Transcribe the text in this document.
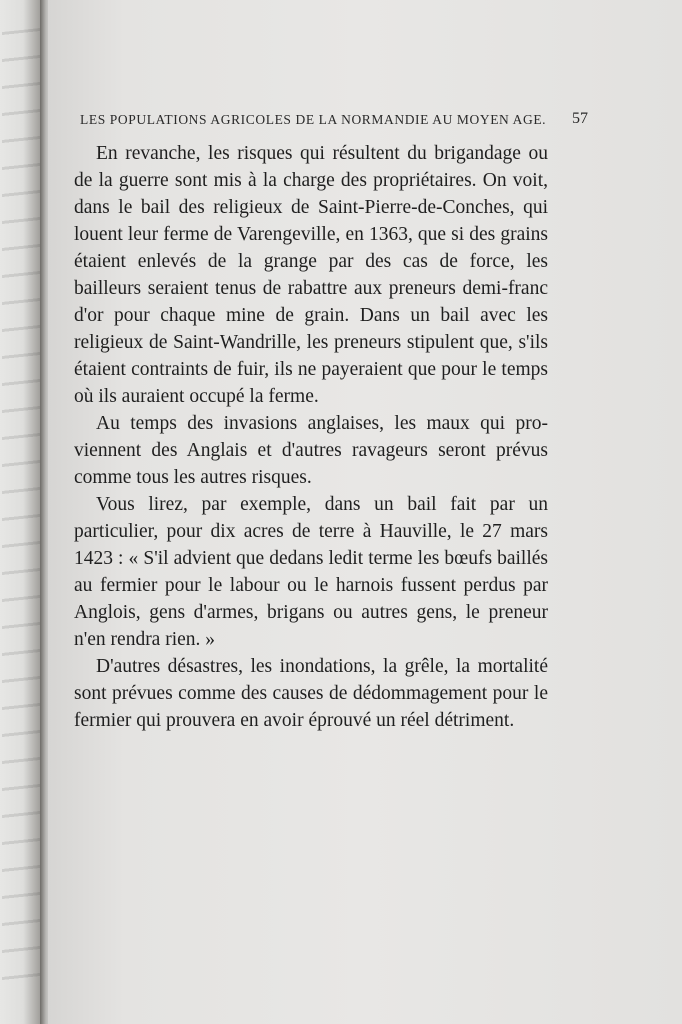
LES POPULATIONS AGRICOLES DE LA NORMANDIE AU MOYEN AGE. 57

En revanche, les risques qui résultent du brigandage ou de la guerre sont mis à la charge des propriétaires. On voit, dans le bail des religieux de Saint-Pierre-de-Conches, qui louent leur ferme de Varengeville, en 1363, que si des grains étaient enlevés de la grange par des cas de force, les bailleurs seraient tenus de rabattre aux preneurs demi-franc d'or pour chaque mine de grain. Dans un bail avec les religieux de Saint-Wandrille, les preneurs stipulent que, s'ils étaient contraints de fuir, ils ne payeraient que pour le temps où ils auraient occupé la ferme.

Au temps des invasions anglaises, les maux qui proviennent des Anglais et d'autres ravageurs seront prévus comme tous les autres risques.

Vous lirez, par exemple, dans un bail fait par un particulier, pour dix acres de terre à Hauville, le 27 mars 1423 : « S'il advient que dedans ledit terme les bœufs baillés au fermier pour le labour ou le harnois fussent perdus par Anglois, gens d'armes, brigans ou autres gens, le preneur n'en rendra rien. »

D'autres désastres, les inondations, la grêle, la mortalité sont prévues comme des causes de dédommagement pour le fermier qui prouvera en avoir éprouvé un réel détriment.
